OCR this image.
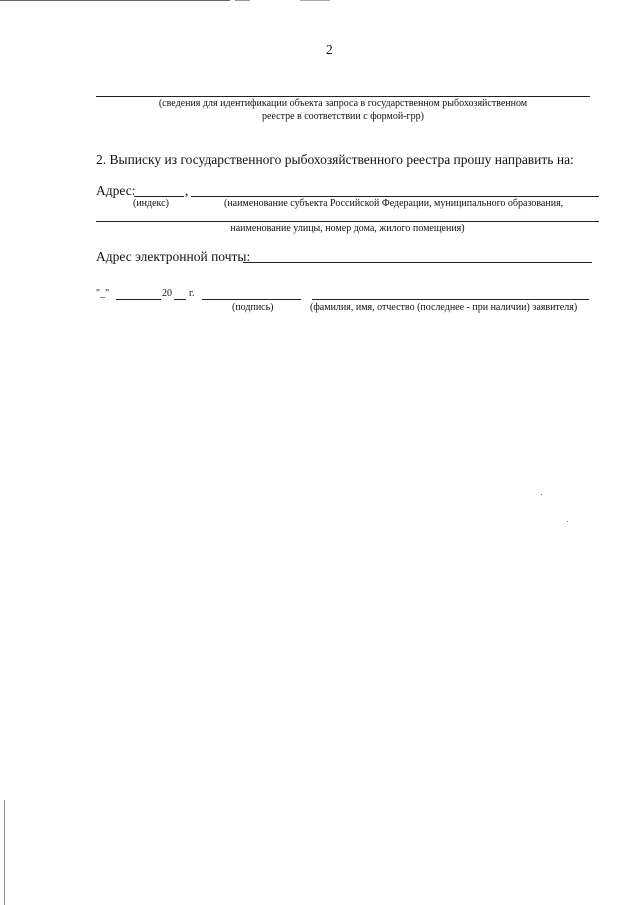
2
(сведения для идентификации объекта запроса в государственном рыбохозяйственном
реестре в соответствии с формой-грр)
2. Выписку из государственного рыбохозяйственного реестра прошу направить на:
Адрес:	,
(индекс)	(наименование субъекта Российской Федерации, муниципального образования,
наименование улицы, номер дома, жилого помещения)
Адрес электронной почты:
"_"	20 г.
(подпись)	(фамилия, имя, отчество (последнее - при наличии) заявителя)
